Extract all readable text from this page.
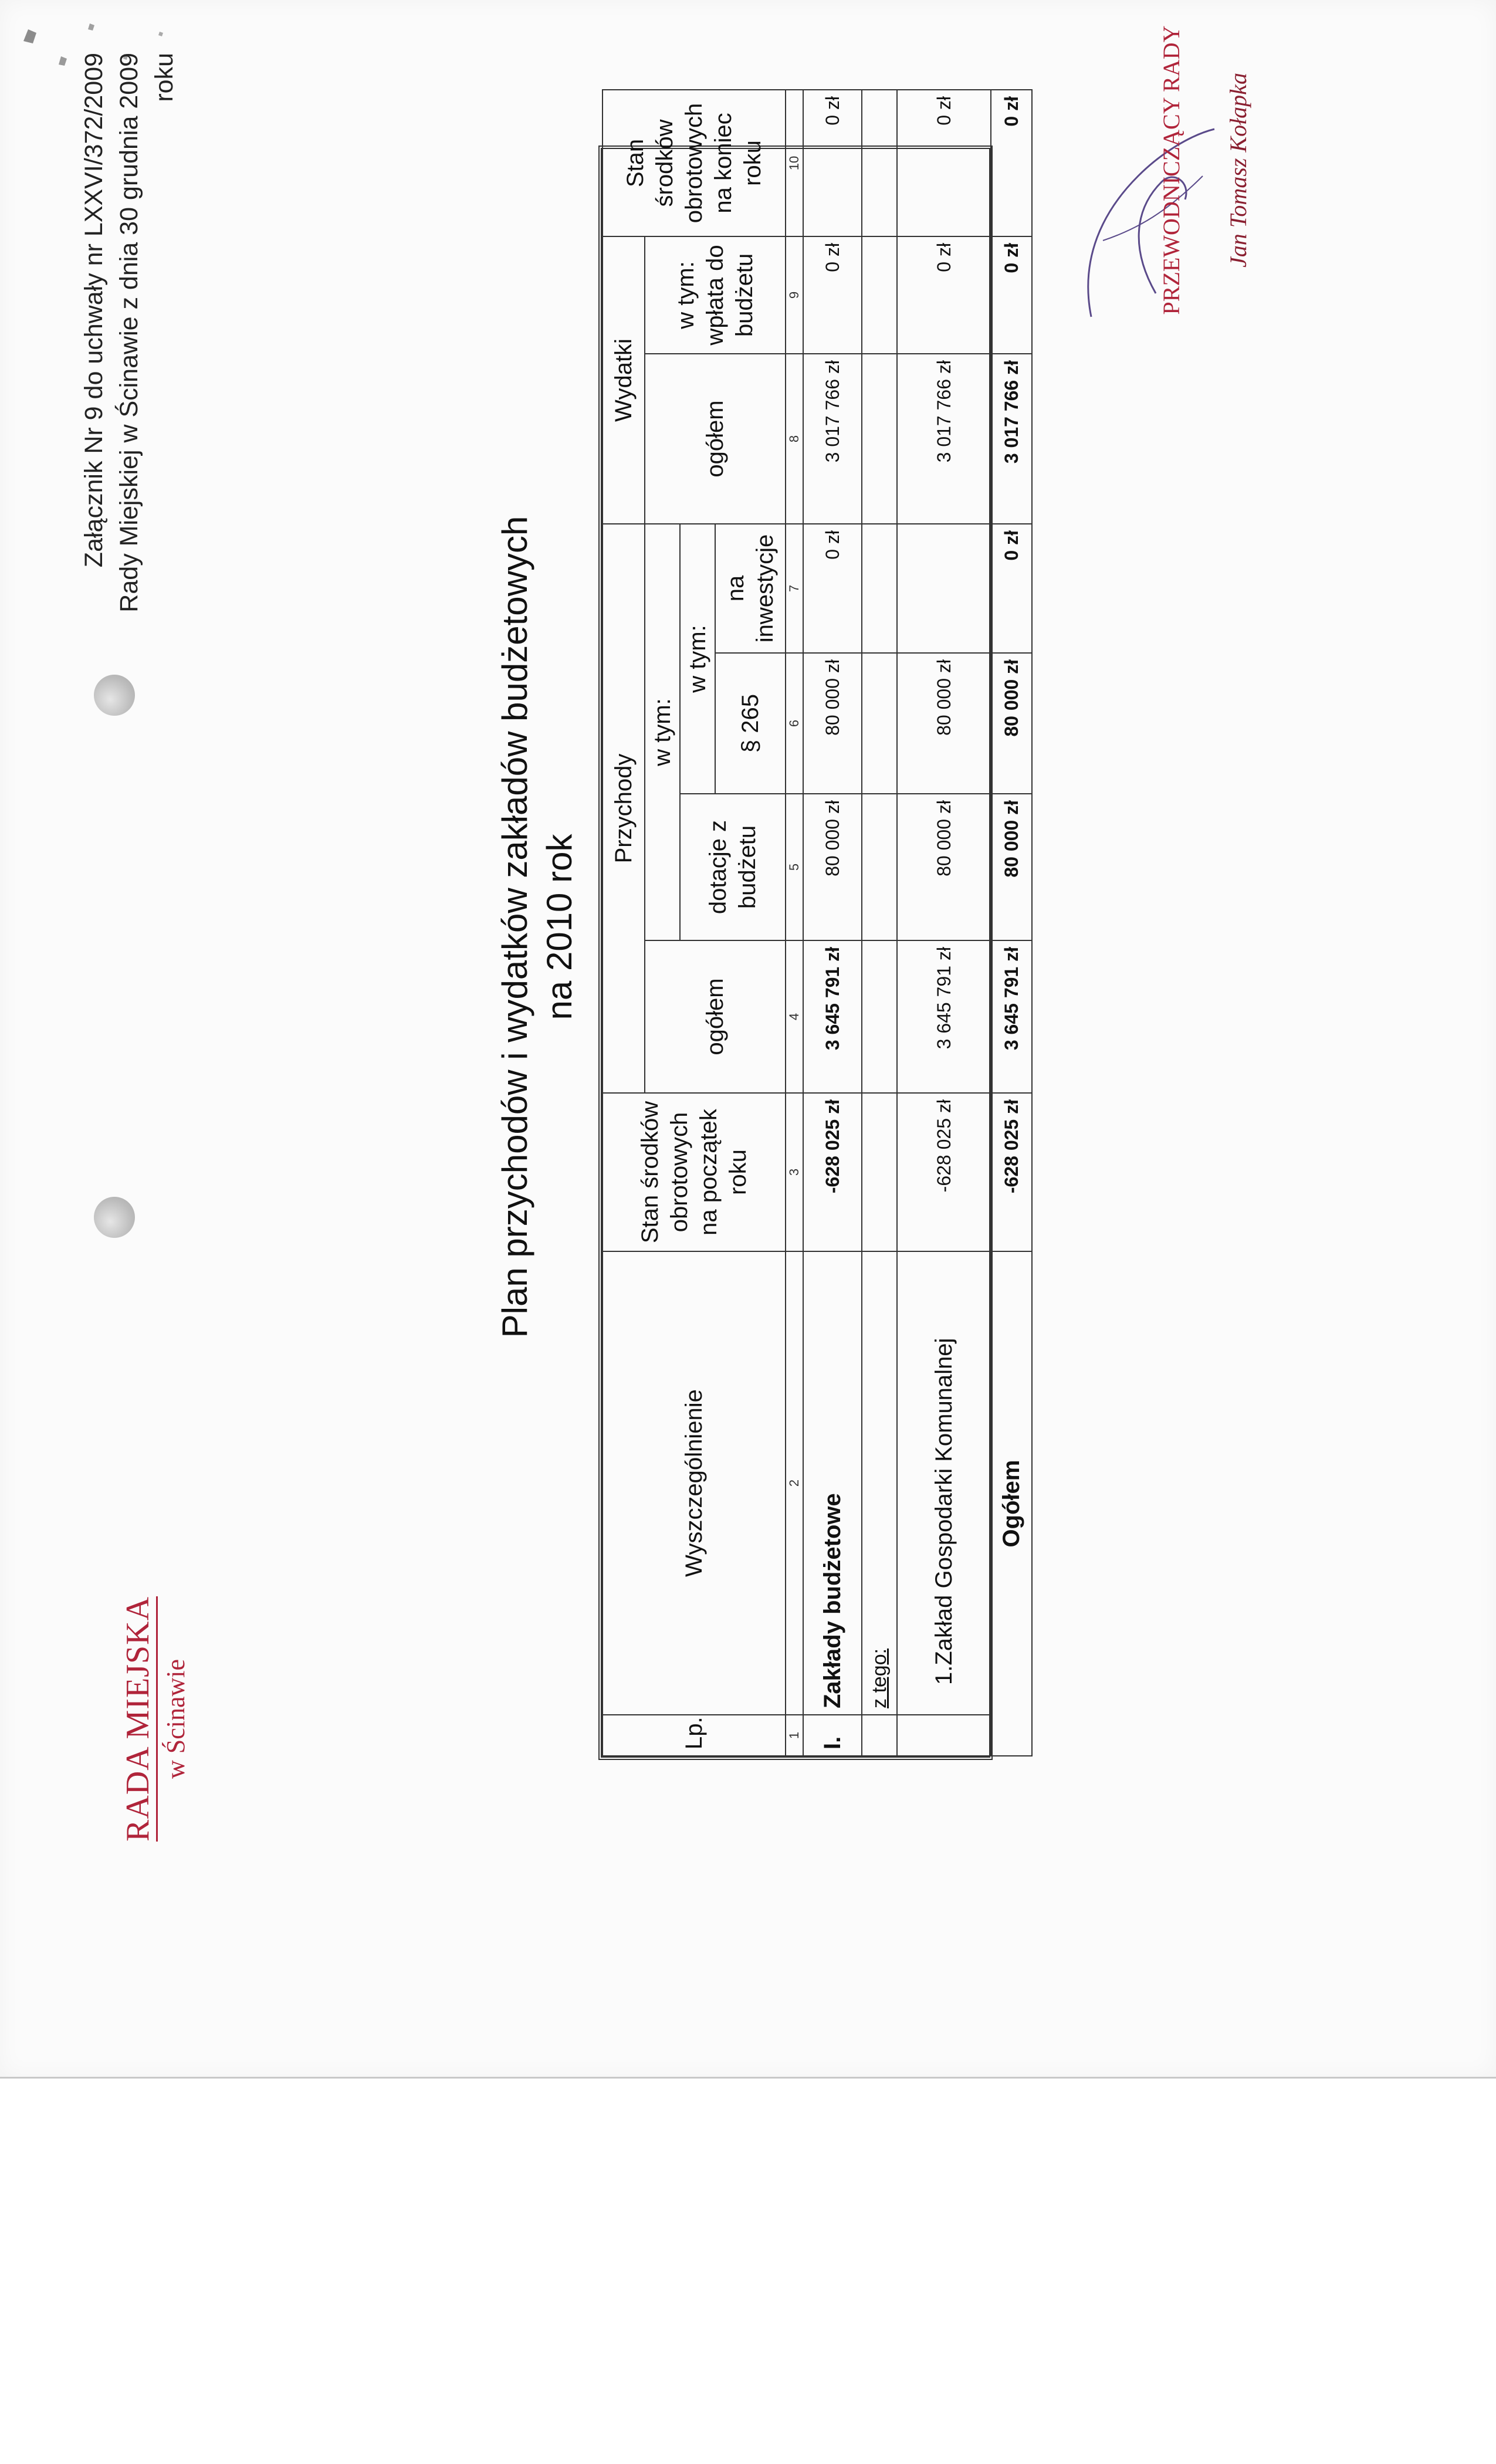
RADA MIEJSKA w Ścinawie
Załącznik Nr 9 do uchwały nr LXXVI/372/2009 Rady Miejskiej w Ścinawie z dnia 30 grudnia 2009 roku
Plan przychodów i wydatków zakładów budżetowych na 2010 rok
Lp.	Wyszczególnienie	Stan środków obrotowych na początek roku	Przychody				Wydatki		Stan środków obrotowych na koniec roku
			ogółem	w tym:			ogółem	w tym: wpłata do budżetu	
				dotacje z budżetu	w tym:				
					§ 265	na inwestycje			
1	2	3	4	5	6	7	8	9	10
I.	Zakłady budżetowe	-628 025 zł	3 645 791 zł	80 000 zł	80 000 zł	0 zł	3 017 766 zł	0 zł	0 zł
	z tego:								
	1.Zakład Gospodarki Komunalnej	-628 025 zł	3 645 791 zł	80 000 zł	80 000 zł		3 017 766 zł	0 zł	0 zł
Ogółem		-628 025 zł	3 645 791 zł	80 000 zł	80 000 zł	0 zł	3 017 766 zł	0 zł	0 zł	PRZEWODNICZĄCY RADY Jan Tomasz Kołapka
